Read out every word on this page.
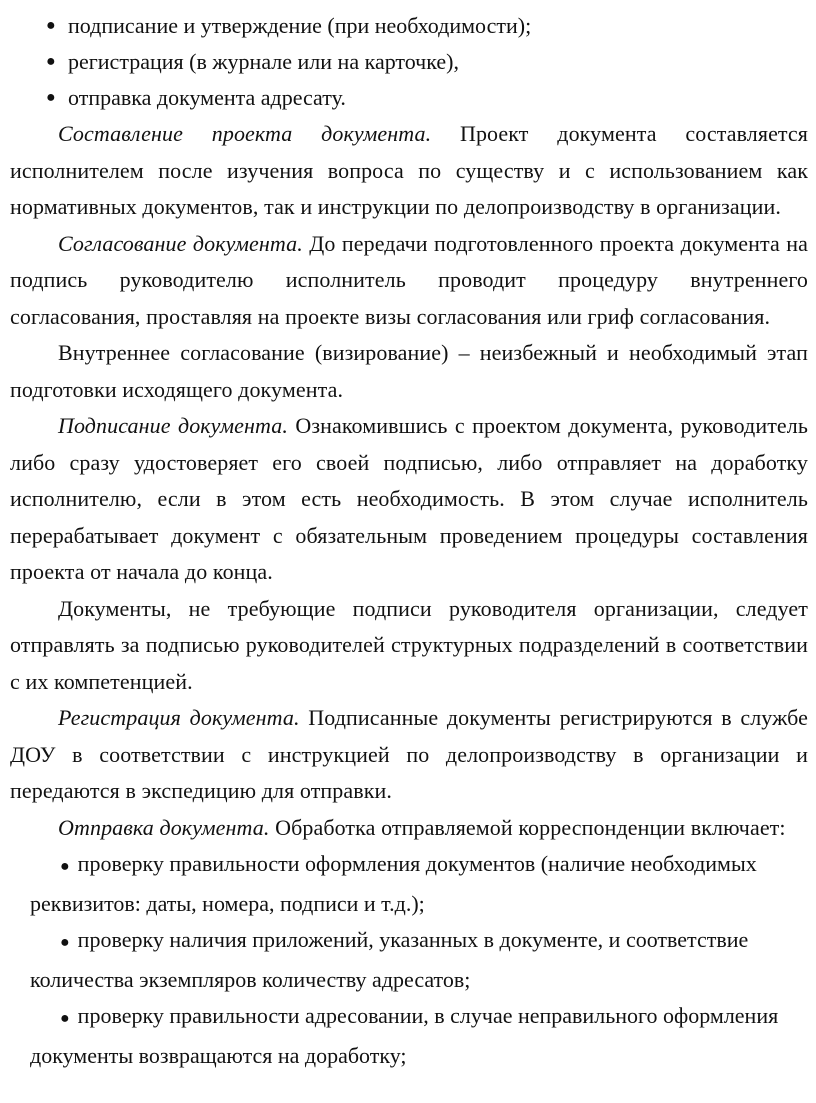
● подписание и утверждение (при необходимости);
● регистрация (в журнале или на карточке),
● отправка документа адресату.

Составление проекта документа. Проект документа составляется исполнителем после изучения вопроса по существу и с использованием как нормативных документов, так и инструкции по делопроизводству в организации.

Согласование документа. До передачи подготовленного проекта документа на подпись руководителю исполнитель проводит процедуру внутреннего согласования, проставляя на проекте визы согласования или гриф согласования.

Внутреннее согласование (визирование) – неизбежный и необходимый этап подготовки исходящего документа.

Подписание документа. Ознакомившись с проектом документа, руководитель либо сразу удостоверяет его своей подписью, либо отправляет на доработку исполнителю, если в этом есть необходимость. В этом случае исполнитель перерабатывает документ с обязательным проведением процедуры составления проекта от начала до конца.

Документы, не требующие подписи руководителя организации, следует отправлять за подписью руководителей структурных подразделений в соответствии с их компетенцией.

Регистрация документа. Подписанные документы регистрируются в службе ДОУ в соответствии с инструкцией по делопроизводству в организации и передаются в экспедицию для отправки.

Отправка документа. Обработка отправляемой корреспонденции включает:

● проверку правильности оформления документов (наличие необходимых реквизитов: даты, номера, подписи и т.д.);
● проверку наличия приложений, указанных в документе, и соответствие количества экземпляров количеству адресатов;
● проверку правильности адресовании, в случае неправильного оформления документы возвращаются на доработку;
